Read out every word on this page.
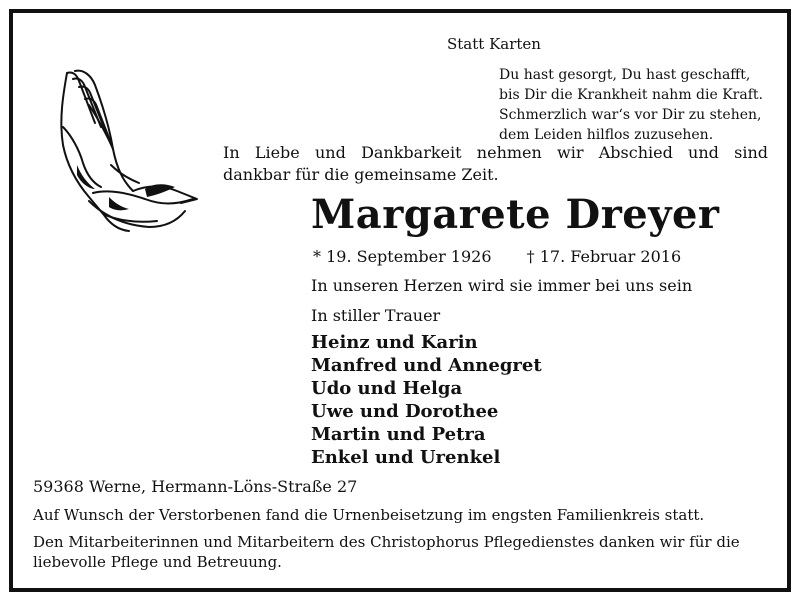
Statt Karten
Du hast gesorgt, Du hast geschafft,
bis Dir die Krankheit nahm die Kraft.
Schmerzlich war‘s vor Dir zu stehen,
dem Leiden hilflos zuzusehen.
In Liebe und Dankbarkeit nehmen wir Abschied und sind
dankbar für die gemeinsame Zeit.
Margarete Dreyer
* 19. September 1926 † 17. Februar 2016
In unseren Herzen wird sie immer bei uns sein
In stiller Trauer
Heinz und Karin
Manfred und Annegret
Udo und Helga
Uwe und Dorothee
Martin und Petra
Enkel und Urenkel
59368 Werne, Hermann-Löns-Straße 27
Auf Wunsch der Verstorbenen fand die Urnenbeisetzung im engsten Familienkreis statt.
Den Mitarbeiterinnen und Mitarbeitern des Christophorus Pflegedienstes danken wir für die liebevolle Pflege und Betreuung.
